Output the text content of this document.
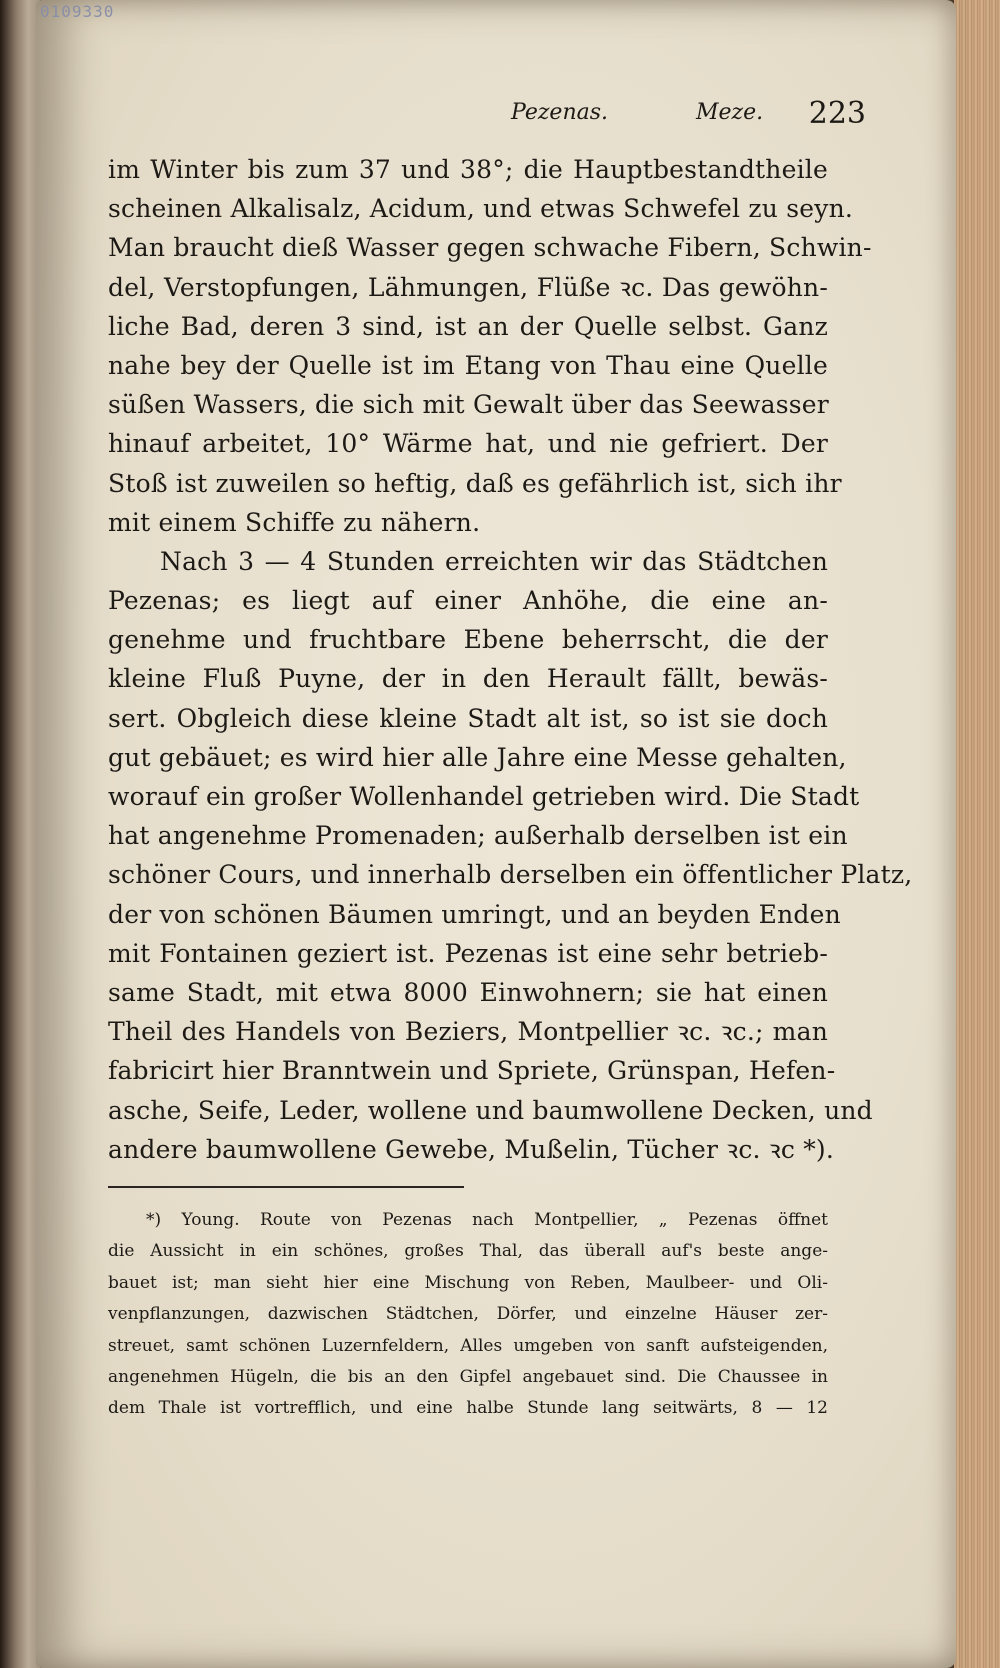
0109330
Pezenas.	Meze. 223
im Winter bis zum 37 und 38°; die Hauptbestandtheile
scheinen Alkalisalz, Acidum, und etwas Schwefel zu seyn.
Man braucht dieß Wasser gegen schwache Fibern, Schwin-
del, Verstopfungen, Lähmungen, Flüße ꝛc. Das gewöhn-
liche Bad, deren 3 sind, ist an der Quelle selbst. Ganz
nahe bey der Quelle ist im Etang von Thau eine Quelle
süßen Wassers, die sich mit Gewalt über das Seewasser
hinauf arbeitet, 10° Wärme hat, und nie gefriert. Der
Stoß ist zuweilen so heftig, daß es gefährlich ist, sich ihr
mit einem Schiffe zu nähern.
Nach 3 — 4 Stunden erreichten wir das Städtchen
Pezenas; es liegt auf einer Anhöhe, die eine an-
genehme und fruchtbare Ebene beherrscht, die der
kleine Fluß Puyne, der in den Herault fällt, bewäs-
sert. Obgleich diese kleine Stadt alt ist, so ist sie doch
gut gebäuet; es wird hier alle Jahre eine Messe gehalten,
worauf ein großer Wollenhandel getrieben wird. Die Stadt
hat angenehme Promenaden; außerhalb derselben ist ein
schöner Cours, und innerhalb derselben ein öffentlicher Platz,
der von schönen Bäumen umringt, und an beyden Enden
mit Fontainen geziert ist. Pezenas ist eine sehr betrieb-
same Stadt, mit etwa 8000 Einwohnern; sie hat einen
Theil des Handels von Beziers, Montpellier ꝛc. ꝛc.; man
fabricirt hier Branntwein und Spriete, Grünspan, Hefen-
asche, Seife, Leder, wollene und baumwollene Decken, und
andere baumwollene Gewebe, Mußelin, Tücher ꝛc. ꝛc *).
*) Young. Route von Pezenas nach Montpellier, „ Pezenas öffnet
die Aussicht in ein schönes, großes Thal, das überall auf's beste ange-
bauet ist; man sieht hier eine Mischung von Reben, Maulbeer- und Oli-
venpflanzungen, dazwischen Städtchen, Dörfer, und einzelne Häuser zer-
streuet, samt schönen Luzernfeldern, Alles umgeben von sanft aufsteigenden,
angenehmen Hügeln, die bis an den Gipfel angebauet sind. Die Chaussee in
dem Thale ist vortrefflich, und eine halbe Stunde lang seitwärts, 8 — 12
